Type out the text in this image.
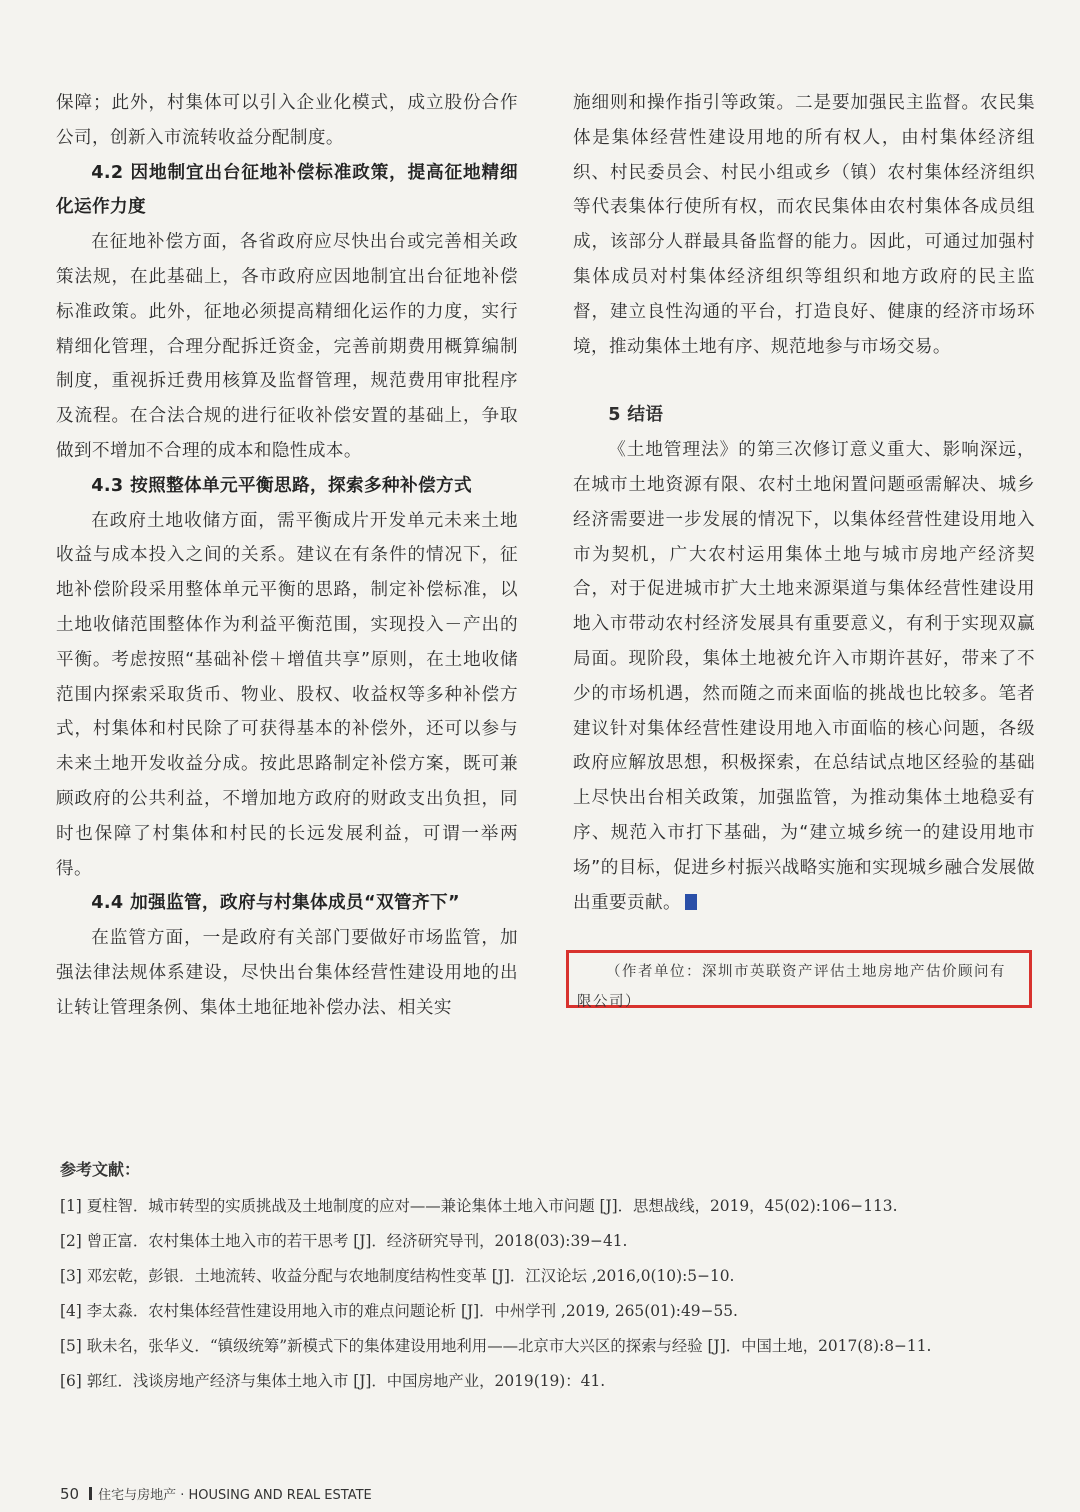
保障；此外，村集体可以引入企业化模式，成立股份合作公司，创新入市流转收益分配制度。

4.2 因地制宜出台征地补偿标准政策，提高征地精细化运作力度

在征地补偿方面，各省政府应尽快出台或完善相关政策法规，在此基础上，各市政府应因地制宜出台征地补偿标准政策。此外，征地必须提高精细化运作的力度，实行精细化管理，合理分配拆迁资金，完善前期费用概算编制制度，重视拆迁费用核算及监督管理，规范费用审批程序及流程。在合法合规的进行征收补偿安置的基础上，争取做到不增加不合理的成本和隐性成本。

4.3 按照整体单元平衡思路，探索多种补偿方式

在政府土地收储方面，需平衡成片开发单元未来土地收益与成本投入之间的关系。建议在有条件的情况下，征地补偿阶段采用整体单元平衡的思路，制定补偿标准，以土地收储范围整体作为利益平衡范围，实现投入－产出的平衡。考虑按照“基础补偿＋增值共享”原则，在土地收储范围内探索采取货币、物业、股权、收益权等多种补偿方式，村集体和村民除了可获得基本的补偿外，还可以参与未来土地开发收益分成。按此思路制定补偿方案，既可兼顾政府的公共利益，不增加地方政府的财政支出负担，同时也保障了村集体和村民的长远发展利益，可谓一举两得。

4.4 加强监管，政府与村集体成员“双管齐下”

在监管方面，一是政府有关部门要做好市场监管，加强法律法规体系建设，尽快出台集体经营性建设用地的出让转让管理条例、集体土地征地补偿办法、相关实

施细则和操作指引等政策。二是要加强民主监督。农民集体是集体经营性建设用地的所有权人，由村集体经济组织、村民委员会、村民小组或乡（镇）农村集体经济组织等代表集体行使所有权，而农民集体由农村集体各成员组成，该部分人群最具备监督的能力。因此，可通过加强村集体成员对村集体经济组织等组织和地方政府的民主监督，建立良性沟通的平台，打造良好、健康的经济市场环境，推动集体土地有序、规范地参与市场交易。

5 结语

《土地管理法》的第三次修订意义重大、影响深远，在城市土地资源有限、农村土地闲置问题亟需解决、城乡经济需要进一步发展的情况下，以集体经营性建设用地入市为契机，广大农村运用集体土地与城市房地产经济契合，对于促进城市扩大土地来源渠道与集体经营性建设用地入市带动农村经济发展具有重要意义，有利于实现双赢局面。现阶段，集体土地被允许入市期许甚好，带来了不少的市场机遇，然而随之而来面临的挑战也比较多。笔者建议针对集体经营性建设用地入市面临的核心问题，各级政府应解放思想，积极探索，在总结试点地区经验的基础上尽快出台相关政策，加强监管，为推动集体土地稳妥有序、规范入市打下基础，为“建立城乡统一的建设用地市场”的目标，促进乡村振兴战略实施和实现城乡融合发展做出重要贡献。

（作者单位：深圳市英联资产评估土地房地产估价顾问有限公司）

参考文献：

[1] 夏柱智．城市转型的实质挑战及土地制度的应对——兼论集体土地入市问题 [J]．思想战线，2019，45(02):106−113.

[2] 曾正富．农村集体土地入市的若干思考 [J]．经济研究导刊，2018(03):39−41.

[3] 邓宏乾，彭银．土地流转、收益分配与农地制度结构性变革 [J]．江汉论坛 ,2016,0(10):5−10.

[4] 李太淼．农村集体经营性建设用地入市的难点问题论析 [J]．中州学刊 ,2019, 265(01):49−55.

[5] 耿未名，张华义．“镇级统筹”新模式下的集体建设用地利用——北京市大兴区的探索与经验 [J]．中国土地，2017(8):8−11.

[6] 郭红．浅谈房地产经济与集体土地入市 [J]．中国房地产业，2019(19)：41.

50 住宅与房地产 · HOUSING AND REAL ESTATE
